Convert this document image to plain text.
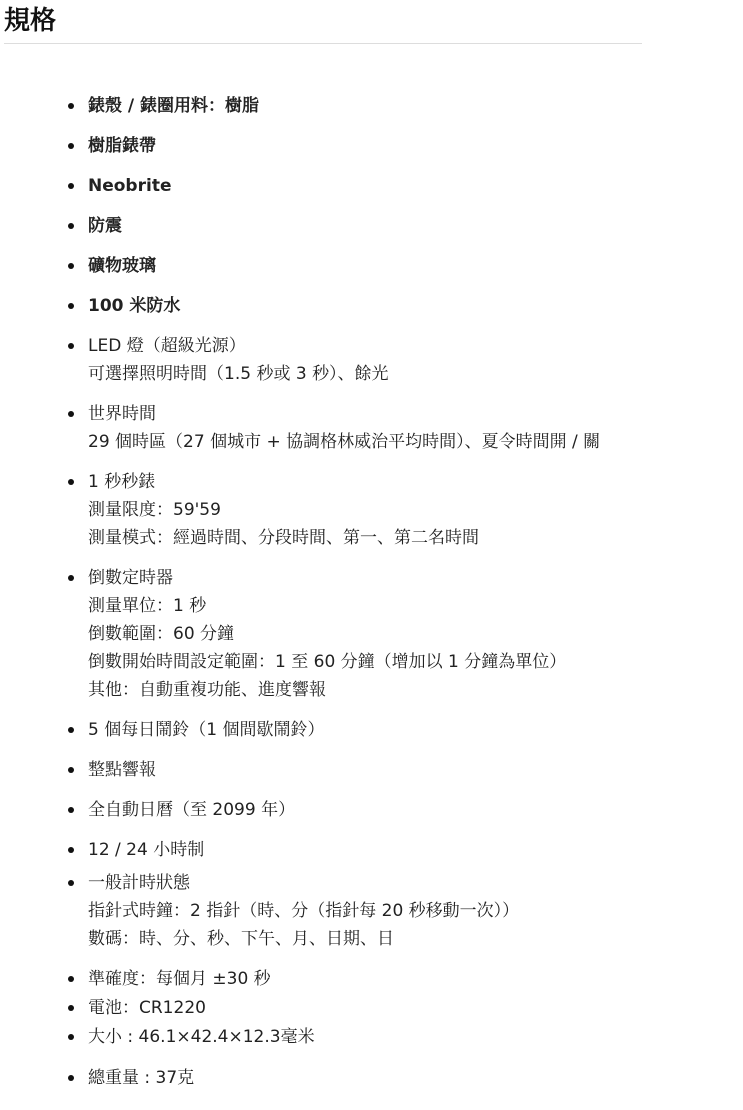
規格
錶殼 / 錶圈用料：樹脂
樹脂錶帶
Neobrite
防震
礦物玻璃
100 米防水
LED 燈（超級光源）
可選擇照明時間（1.5 秒或 3 秒）、餘光
世界時間
29 個時區（27 個城市 + 協調格林威治平均時間）、夏令時間開 / 關
1 秒秒錶
測量限度：59'59
測量模式：經過時間、分段時間、第一、第二名時間
倒數定時器
測量單位：1 秒
倒數範圍：60 分鐘
倒數開始時間設定範圍：1 至 60 分鐘（增加以 1 分鐘為單位）
其他：自動重複功能、進度響報
5 個每日鬧鈴（1 個間歇鬧鈴）
整點響報
全自動日曆（至 2099 年）
12 / 24 小時制
一般計時狀態
指針式時鐘：2 指針（時、分（指針每 20 秒移動一次））
數碼：時、分、秒、下午、月、日期、日
準確度：每個月 ±30 秒
電池：CR1220
大小 : 46.1×42.4×12.3毫米
總重量 : 37克
